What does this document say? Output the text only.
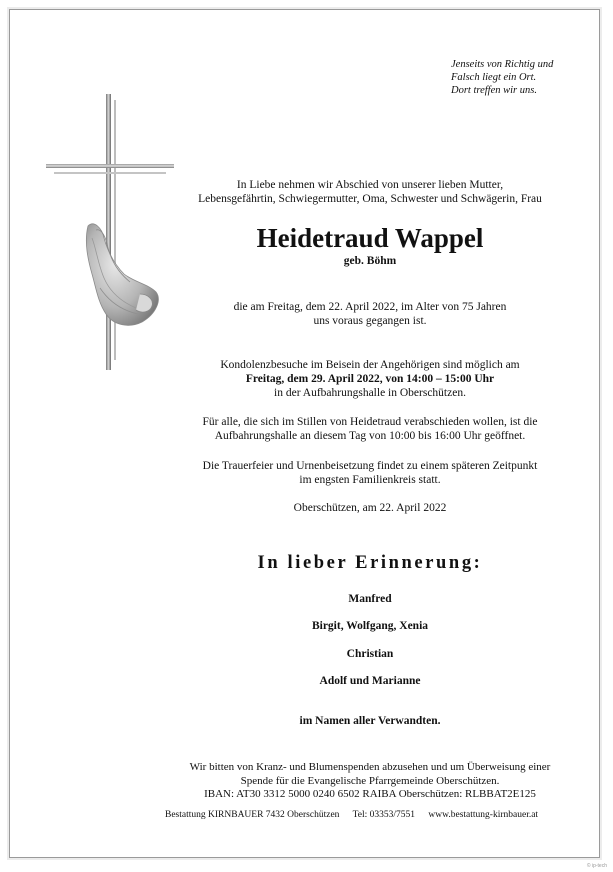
Jenseits von Richtig und
Falsch liegt ein Ort.
Dort treffen wir uns.
In Liebe nehmen wir Abschied von unserer lieben Mutter,
Lebensgefährtin, Schwiegermutter, Oma, Schwester und Schwägerin, Frau
Heidetraud Wappel
geb. Böhm
die am Freitag, dem 22. April 2022, im Alter von 75 Jahren
uns voraus gegangen ist.
Kondolenzbesuche im Beisein der Angehörigen sind möglich am
Freitag, dem 29. April 2022, von 14:00 – 15:00 Uhr
in der Aufbahrungshalle in Oberschützen.
Für alle, die sich im Stillen von Heidetraud verabschieden wollen, ist die
Aufbahrungshalle an diesem Tag von 10:00 bis 16:00 Uhr geöffnet.
Die Trauerfeier und Urnenbeisetzung findet zu einem späteren Zeitpunkt
im engsten Familienkreis statt.
Oberschützen, am 22. April 2022
In lieber Erinnerung:
Manfred
Birgit, Wolfgang, Xenia
Christian
Adolf und Marianne
im Namen aller Verwandten.
Wir bitten von Kranz- und Blumenspenden abzusehen und um Überweisung einer
Spende für die Evangelische Pfarrgemeinde Oberschützen.
IBAN: AT30 3312 5000 0240 6502 RAIBA Oberschützen: RLBBAT2E125
Bestattung KIRNBAUER 7432 Oberschützen Tel: 03353/7551 www.bestattung-kirnbauer.at
© ip-tech
